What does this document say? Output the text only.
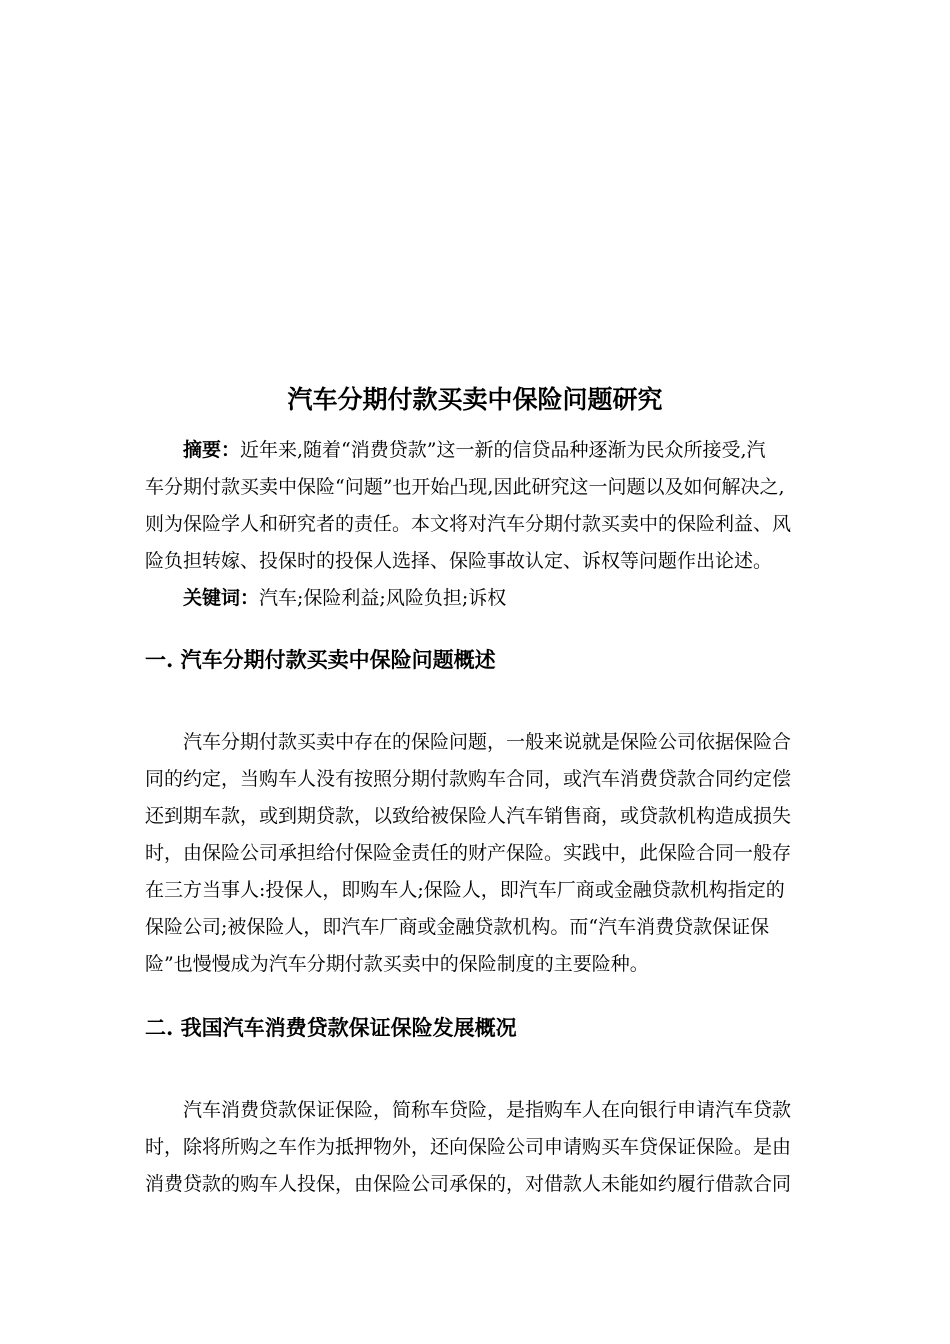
汽车分期付款买卖中保险问题研究
摘要：近年来,随着“消费贷款”这一新的信贷品种逐渐为民众所接受,汽
车分期付款买卖中保险“问题”也开始凸现,因此研究这一问题以及如何解决之,
则为保险学人和研究者的责任。本文将对汽车分期付款买卖中的保险利益、风
险负担转嫁、投保时的投保人选择、保险事故认定、诉权等问题作出论述。
关键词：汽车;保险利益;风险负担;诉权
一. 汽车分期付款买卖中保险问题概述
汽车分期付款买卖中存在的保险问题，一般来说就是保险公司依据保险合
同的约定，当购车人没有按照分期付款购车合同，或汽车消费贷款合同约定偿
还到期车款，或到期贷款，以致给被保险人汽车销售商，或贷款机构造成损失
时，由保险公司承担给付保险金责任的财产保险。实践中，此保险合同一般存
在三方当事人:投保人，即购车人;保险人，即汽车厂商或金融贷款机构指定的
保险公司;被保险人，即汽车厂商或金融贷款机构。而“汽车消费贷款保证保
险”也慢慢成为汽车分期付款买卖中的保险制度的主要险种。
二. 我国汽车消费贷款保证保险发展概况
汽车消费贷款保证保险，简称车贷险，是指购车人在向银行申请汽车贷款
时，除将所购之车作为抵押物外，还向保险公司申请购买车贷保证保险。是由
消费贷款的购车人投保，由保险公司承保的，对借款人未能如约履行借款合同
